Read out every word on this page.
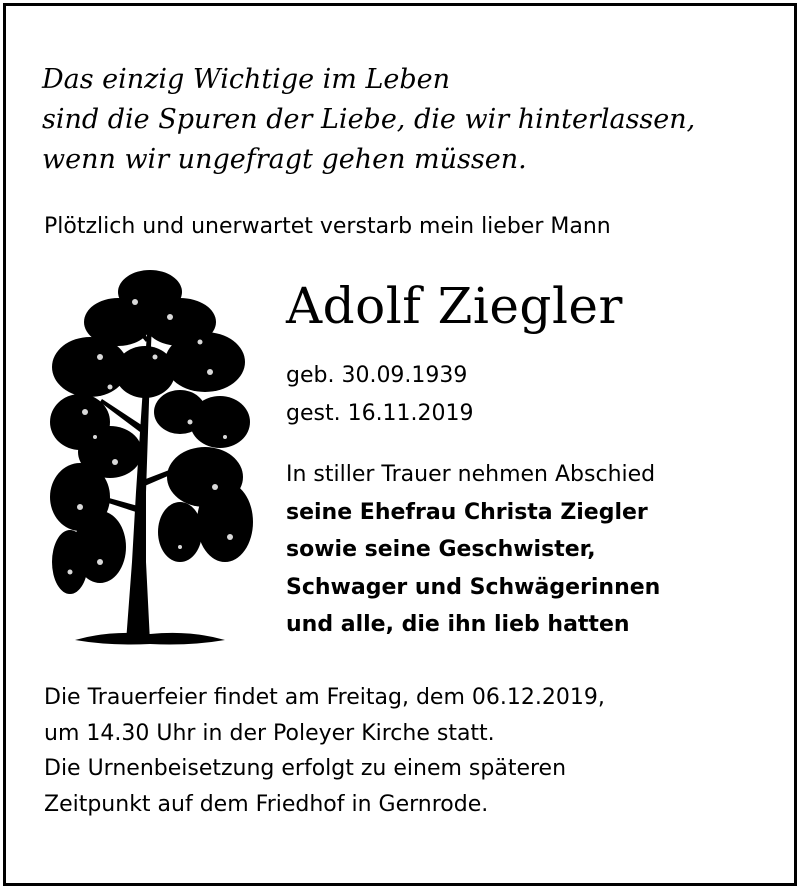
Das einzig Wichtige im Leben
sind die Spuren der Liebe, die wir hinterlassen,
wenn wir ungefragt gehen müssen.
Plötzlich und unerwartet verstarb mein lieber Mann
Adolf Ziegler
geb. 30.09.1939
gest. 16.11.2019
In stiller Trauer nehmen Abschied
seine Ehefrau Christa Ziegler
sowie seine Geschwister,
Schwager und Schwägerinnen
und alle, die ihn lieb hatten
Die Trauerfeier findet am Freitag, dem 06.12.2019,
um 14.30 Uhr in der Poleyer Kirche statt.
Die Urnenbeisetzung erfolgt zu einem späteren
Zeitpunkt auf dem Friedhof in Gernrode.
